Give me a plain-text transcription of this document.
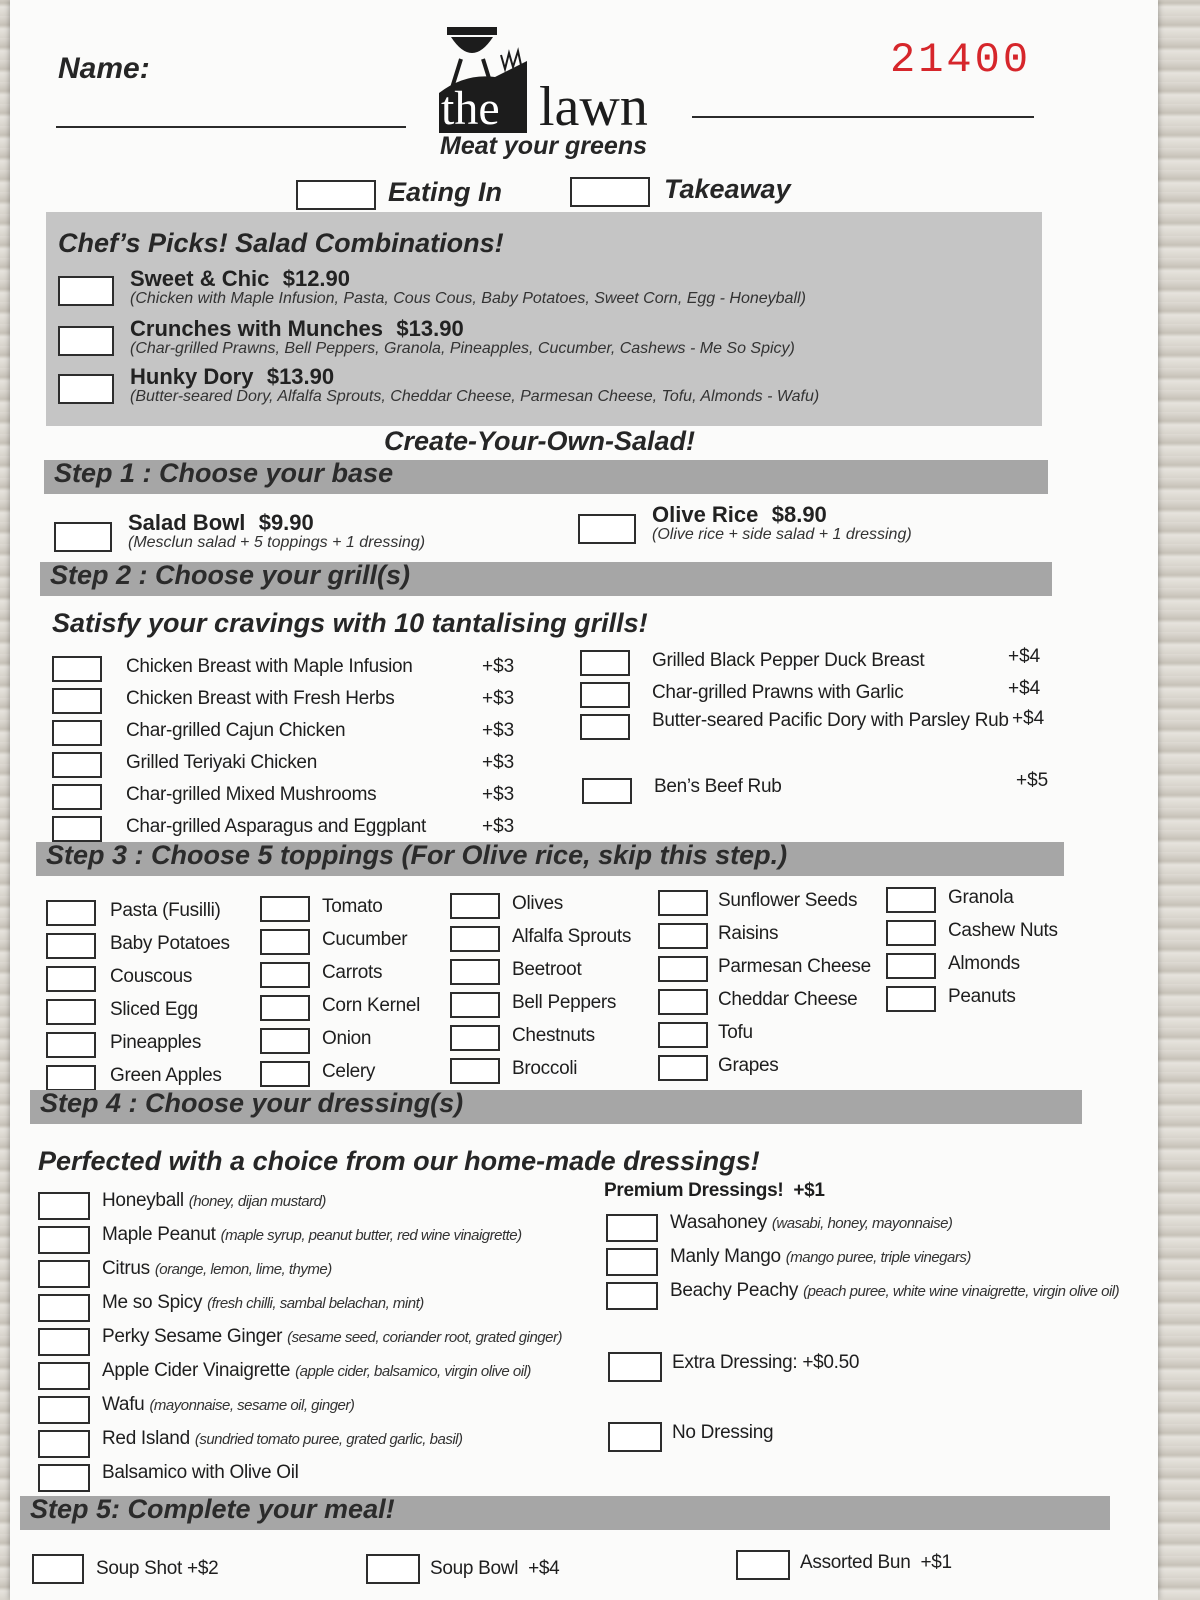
Name:	21400
the lawn
Meat your greens
Eating In	Takeaway
Chef’s Picks! Salad Combinations!
Sweet & Chic $12.90
(Chicken with Maple Infusion, Pasta, Cous Cous, Baby Potatoes, Sweet Corn, Egg - Honeyball)
Crunches with Munches $13.90
(Char-grilled Prawns, Bell Peppers, Granola, Pineapples, Cucumber, Cashews - Me So Spicy)
Hunky Dory $13.90
(Butter-seared Dory, Alfalfa Sprouts, Cheddar Cheese, Parmesan Cheese, Tofu, Almonds - Wafu)
Create-Your-Own-Salad!
Step 1 : Choose your base
Salad Bowl $9.90
(Mesclun salad + 5 toppings + 1 dressing)
Olive Rice $8.90
(Olive rice + side salad + 1 dressing)
Step 2 : Choose your grill(s)
Satisfy your cravings with 10 tantalising grills!
Chicken Breast with Maple Infusion	+$3
Chicken Breast with Fresh Herbs	+$3
Char-grilled Cajun Chicken	+$3
Grilled Teriyaki Chicken	+$3
Char-grilled Mixed Mushrooms	+$3
Char-grilled Asparagus and Eggplant	+$3
Grilled Black Pepper Duck Breast	+$4
Char-grilled Prawns with Garlic	+$4
Butter-seared Pacific Dory with Parsley Rub +$4
Ben’s Beef Rub	+$5
Step 3 : Choose 5 toppings (For Olive rice, skip this step.)
Pasta (Fusilli)
Baby Potatoes
Couscous
Sliced Egg
Pineapples
Green Apples
Tomato
Cucumber
Carrots
Corn Kernel
Onion
Celery
Olives
Alfalfa Sprouts
Beetroot
Bell Peppers
Chestnuts
Broccoli
Sunflower Seeds
Raisins
Parmesan Cheese
Cheddar Cheese
Tofu
Grapes
Granola
Cashew Nuts
Almonds
Peanuts
Step 4 : Choose your dressing(s)
Perfected with a choice from our home-made dressings!
Honeyball (honey, dijan mustard)
Maple Peanut (maple syrup, peanut butter, red wine vinaigrette)
Citrus (orange, lemon, lime, thyme)
Me so Spicy (fresh chilli, sambal belachan, mint)
Perky Sesame Ginger (sesame seed, coriander root, grated ginger)
Apple Cider Vinaigrette (apple cider, balsamico, virgin olive oil)
Wafu (mayonnaise, sesame oil, ginger)
Red Island (sundried tomato puree, grated garlic, basil)
Balsamico with Olive Oil
Premium Dressings! +$1
Wasahoney (wasabi, honey, mayonnaise)
Manly Mango (mango puree, triple vinegars)
Beachy Peachy (peach puree, white wine vinaigrette, virgin olive oil)
Extra Dressing: +$0.50
No Dressing
Step 5: Complete your meal!
Soup Shot +$2	Soup Bowl +$4	Assorted Bun +$1
